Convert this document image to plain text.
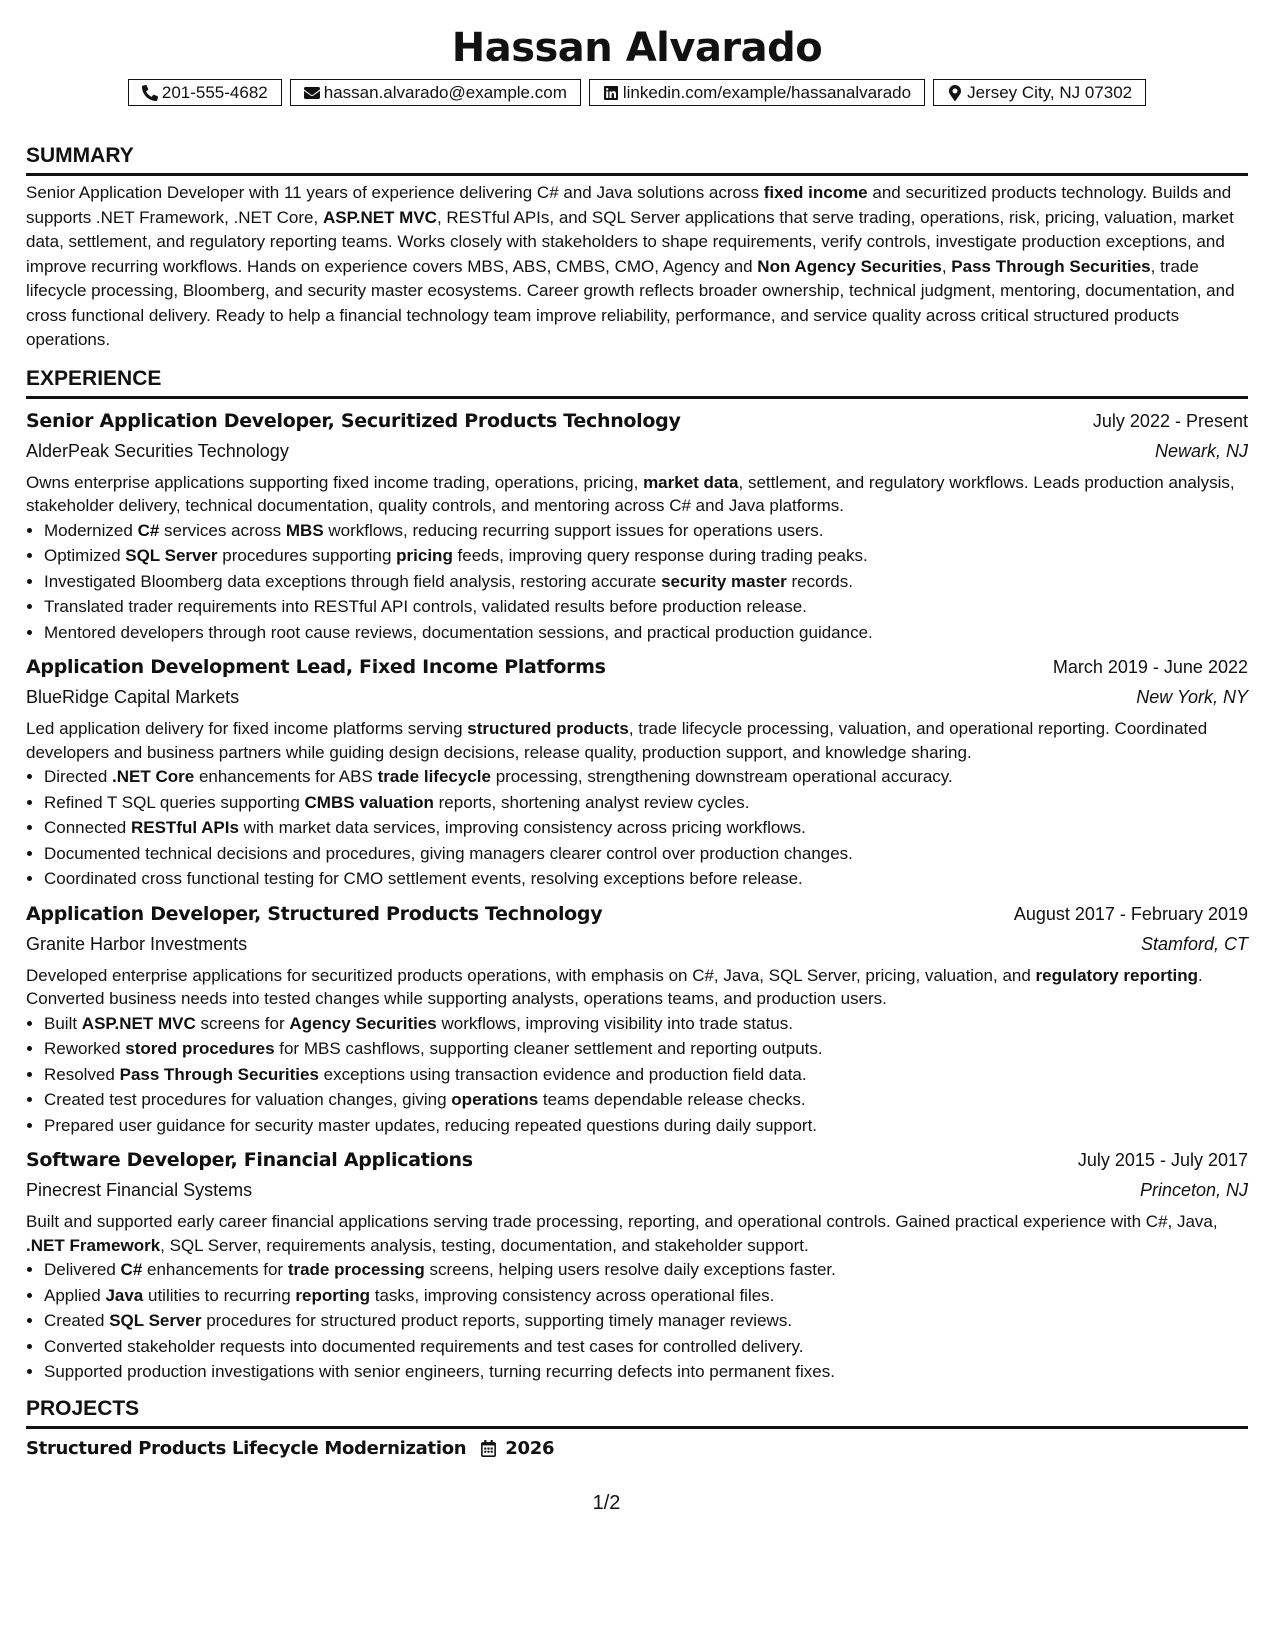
Hassan Alvarado
201-555-4682	hassan.alvarado@example.com	linkedin.com/example/hassanalvarado	Jersey City, NJ 07302
SUMMARY

Senior Application Developer with 11 years of experience delivering C# and Java solutions across fixed income and securitized products technology. Builds and supports .NET Framework, .NET Core, ASP.NET MVC, RESTful APIs, and SQL Server applications that serve trading, operations, risk, pricing, valuation, market data, settlement, and regulatory reporting teams. Works closely with stakeholders to shape requirements, verify controls, investigate production exceptions, and improve recurring workflows. Hands on experience covers MBS, ABS, CMBS, CMO, Agency and Non Agency Securities, Pass Through Securities, trade lifecycle processing, Bloomberg, and security master ecosystems. Career growth reflects broader ownership, technical judgment, mentoring, documentation, and cross functional delivery. Ready to help a financial technology team improve reliability, performance, and service quality across critical structured products operations.

EXPERIENCE
Senior Application Developer, Securitized Products Technology	July 2022 - Present
AlderPeak Securities Technology	Newark, NJ

Owns enterprise applications supporting fixed income trading, operations, pricing, market data, settlement, and regulatory workflows. Leads production analysis, stakeholder delivery, technical documentation, quality controls, and mentoring across C# and Java platforms.

• Modernized C# services across MBS workflows, reducing recurring support issues for operations users.
• Optimized SQL Server procedures supporting pricing feeds, improving query response during trading peaks.
• Investigated Bloomberg data exceptions through field analysis, restoring accurate security master records.
• Translated trader requirements into RESTful API controls, validated results before production release.
• Mentored developers through root cause reviews, documentation sessions, and practical production guidance.
Application Development Lead, Fixed Income Platforms	March 2019 - June 2022
BlueRidge Capital Markets	New York, NY

Led application delivery for fixed income platforms serving structured products, trade lifecycle processing, valuation, and operational reporting. Coordinated developers and business partners while guiding design decisions, release quality, production support, and knowledge sharing.

• Directed .NET Core enhancements for ABS trade lifecycle processing, strengthening downstream operational accuracy.
• Refined T SQL queries supporting CMBS valuation reports, shortening analyst review cycles.
• Connected RESTful APIs with market data services, improving consistency across pricing workflows.
• Documented technical decisions and procedures, giving managers clearer control over production changes.
• Coordinated cross functional testing for CMO settlement events, resolving exceptions before release.
Application Developer, Structured Products Technology	August 2017 - February 2019
Granite Harbor Investments	Stamford, CT

Developed enterprise applications for securitized products operations, with emphasis on C#, Java, SQL Server, pricing, valuation, and regulatory reporting. Converted business needs into tested changes while supporting analysts, operations teams, and production users.

• Built ASP.NET MVC screens for Agency Securities workflows, improving visibility into trade status.
• Reworked stored procedures for MBS cashflows, supporting cleaner settlement and reporting outputs.
• Resolved Pass Through Securities exceptions using transaction evidence and production field data.
• Created test procedures for valuation changes, giving operations teams dependable release checks.
• Prepared user guidance for security master updates, reducing repeated questions during daily support.
Software Developer, Financial Applications	July 2015 - July 2017
Pinecrest Financial Systems	Princeton, NJ

Built and supported early career financial applications serving trade processing, reporting, and operational controls. Gained practical experience with C#, Java, .NET Framework, SQL Server, requirements analysis, testing, documentation, and stakeholder support.

• Delivered C# enhancements for trade processing screens, helping users resolve daily exceptions faster.
• Applied Java utilities to recurring reporting tasks, improving consistency across operational files.
• Created SQL Server procedures for structured product reports, supporting timely manager reviews.
• Converted stakeholder requests into documented requirements and test cases for controlled delivery.
• Supported production investigations with senior engineers, turning recurring defects into permanent fixes.
PROJECTS
Structured Products Lifecycle Modernization 2026
1/2
